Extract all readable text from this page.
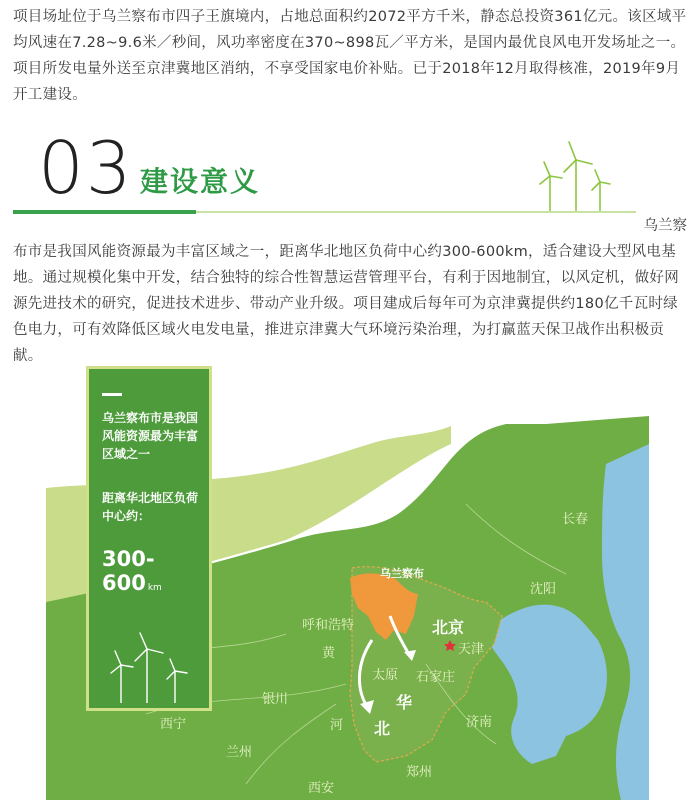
项目场址位于乌兰察布市四子王旗境内，占地总面积约2072平方千米，静态总投资361亿元。该区域平均风速在7.28~9.6米／秒间，风功率密度在370~898瓦／平方米，是国内最优良风电开发场址之一。项目所发电量外送至京津冀地区消纳，不享受国家电价补贴。已于2018年12月取得核准，2019年9月开工建设。

03 建设意义
乌兰察

布市是我国风能资源最为丰富区域之一，距离华北地区负荷中心约300-600km，适合建设大型风电基地。通过规模化集中开发，结合独特的综合性智慧运营管理平台，有利于因地制宜，以风定机，做好网源先进技术的研究，促进技术进步、带动产业升级。项目建成后每年可为京津冀提供约180亿千瓦时绿色电力，可有效降低区域火电发电量，推进京津冀大气环境污染治理，为打赢蓝天保卫战作出积极贡献。

乌兰察布
北京
天津
长春
沈阳
呼和浩特
太原 石家庄
银川
西宁
兰州
济南
郑州
西安
黄
河
华
北
乌兰察布市是我国风能资源最为丰富区域之一
距离华北地区负荷中心约：
300-600 km
